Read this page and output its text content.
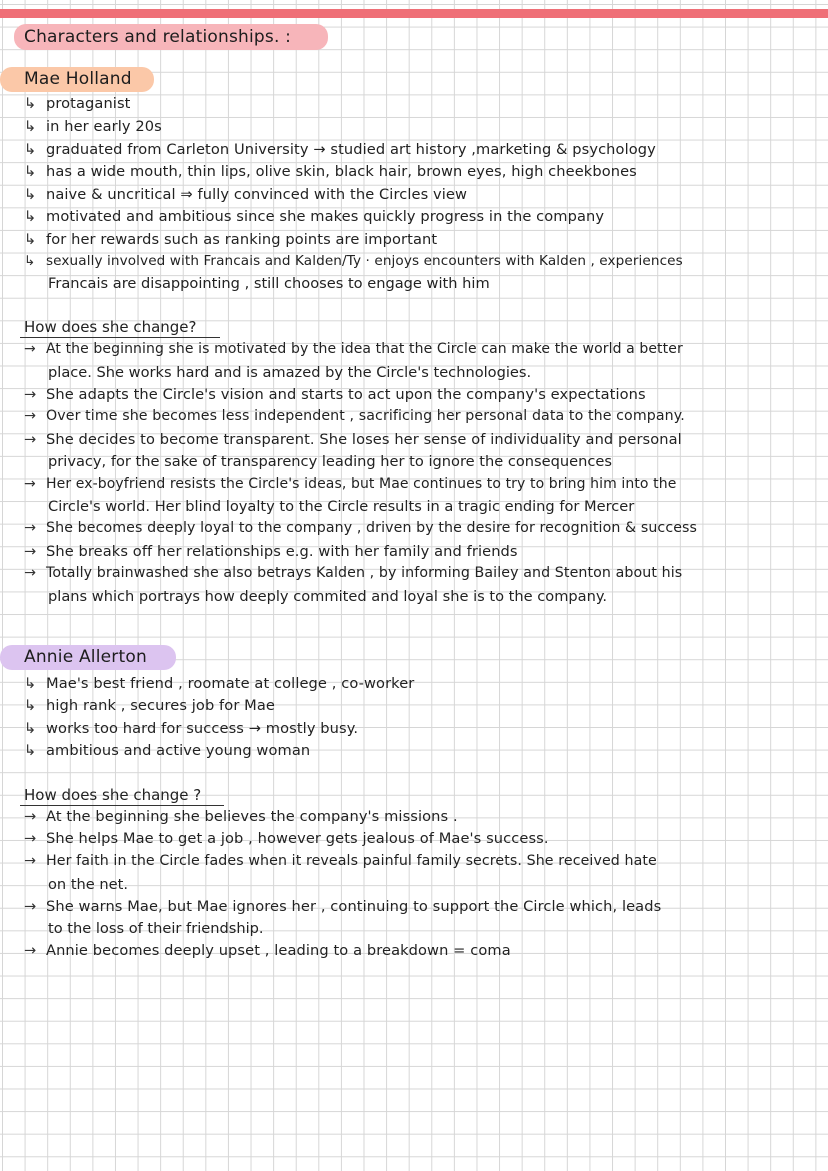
Characters and relationships. :
Mae Holland
↳ protaganist
↳ in her early 20s
↳ graduated from Carleton University → studied art history ,marketing & psychology
↳ has a wide mouth, thin lips, olive skin, black hair, brown eyes, high cheekbones
↳ naive & uncritical ⇒ fully convinced with the Circles view
↳ motivated and ambitious since she makes quickly progress in the company
↳ for her rewards such as ranking points are important
↳ sexually involved with Francais and Kalden/Ty · enjoys encounters with Kalden , experiences
Francais are disappointing , still chooses to engage with him
How does she change?
→ At the beginning she is motivated by the idea that the Circle can make the world a better
place. She works hard and is amazed by the Circle's technologies.
→ She adapts the Circle's vision and starts to act upon the company's expectations
→ Over time she becomes less independent , sacrificing her personal data to the company.
→ She decides to become transparent. She loses her sense of individuality and personal
privacy, for the sake of transparency leading her to ignore the consequences
→ Her ex-boyfriend resists the Circle's ideas, but Mae continues to try to bring him into the
Circle's world. Her blind loyalty to the Circle results in a tragic ending for Mercer
→ She becomes deeply loyal to the company , driven by the desire for recognition & success
→ She breaks off her relationships e.g. with her family and friends
→ Totally brainwashed she also betrays Kalden , by informing Bailey and Stenton about his
plans which portrays how deeply commited and loyal she is to the company.
Annie Allerton
↳ Mae's best friend , roomate at college , co-worker
↳ high rank , secures job for Mae
↳ works too hard for success → mostly busy.
↳ ambitious and active young woman
How does she change ?
→ At the beginning she believes the company's missions .
→ She helps Mae to get a job , however gets jealous of Mae's success.
→ Her faith in the Circle fades when it reveals painful family secrets. She received hate
on the net.
→ She warns Mae, but Mae ignores her , continuing to support the Circle which, leads
to the loss of their friendship.
→ Annie becomes deeply upset , leading to a breakdown = coma
